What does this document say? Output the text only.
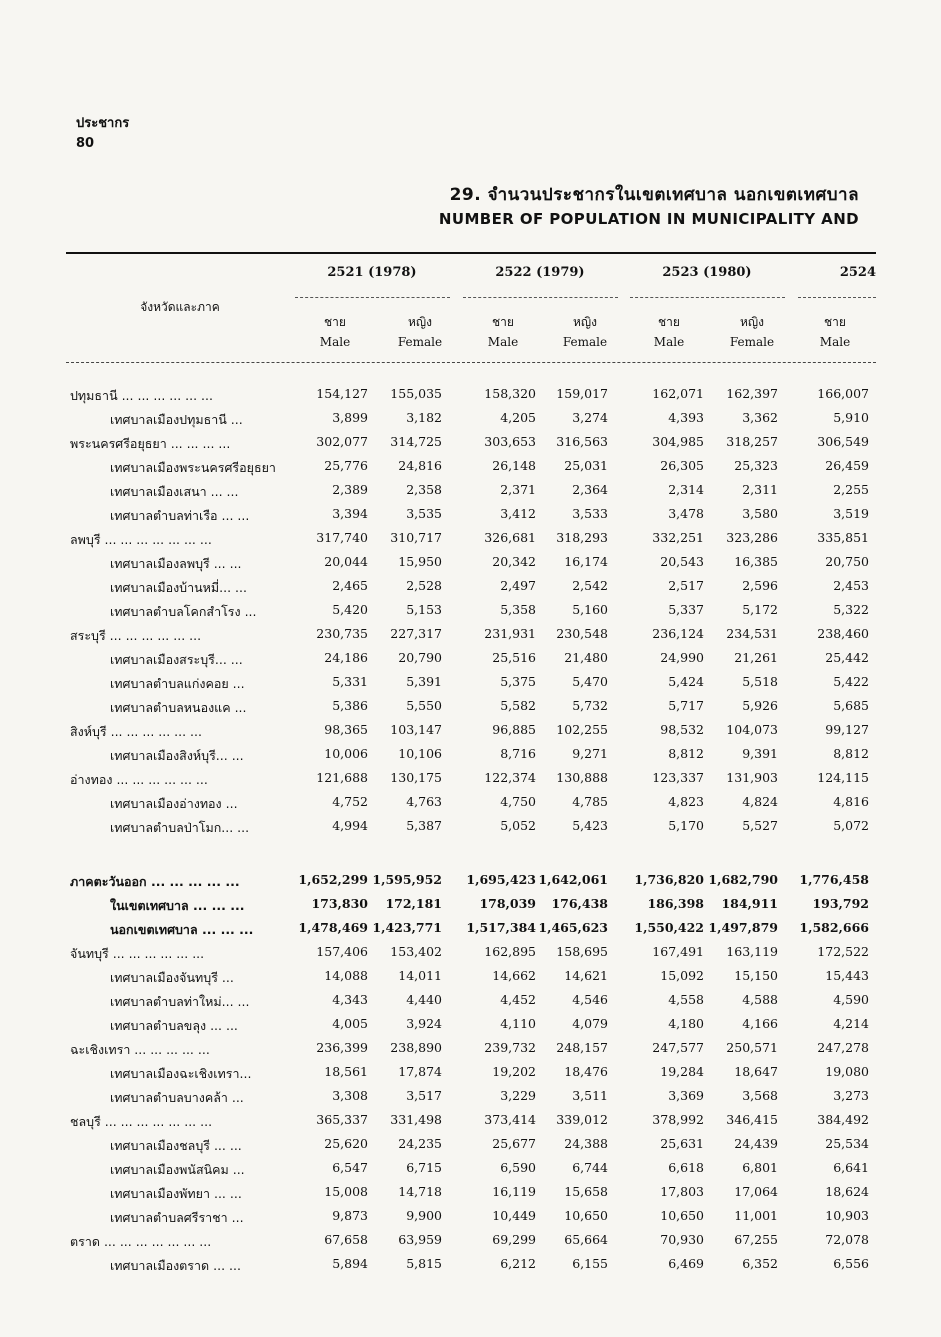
ประชากร
80
29. จำนวนประชากรในเขตเทศบาล นอกเขตเทศบาล
NUMBER OF POPULATION IN MUNICIPALITY AND
จังหวัดและภาค
2521 (1978)	2522 (1979)	2523 (1980)	2524
ชาย
Male
หญิง
Female
ชาย
Male
หญิง
Female
ชาย
Male
หญิง
Female
ชาย
Male
ปทุมธานี ... ... ... ... ... ...	154,127	155,035	158,320	159,017	162,071	162,397	166,007
เทศบาลเมืองปทุมธานี ...	3,899	3,182	4,205	3,274	4,393	3,362	5,910
พระนครศรีอยุธยา ... ... ... ...	302,077	314,725	303,653	316,563	304,985	318,257	306,549
เทศบาลเมืองพระนครศรีอยุธยา	25,776	24,816	26,148	25,031	26,305	25,323	26,459
เทศบาลเมืองเสนา ... ...	2,389	2,358	2,371	2,364	2,314	2,311	2,255
เทศบาลตำบลท่าเรือ ... ...	3,394	3,535	3,412	3,533	3,478	3,580	3,519
ลพบุรี ... ... ... ... ... ... ...	317,740	310,717	326,681	318,293	332,251	323,286	335,851
เทศบาลเมืองลพบุรี ... ...	20,044	15,950	20,342	16,174	20,543	16,385	20,750
เทศบาลเมืองบ้านหมี่... ...	2,465	2,528	2,497	2,542	2,517	2,596	2,453
เทศบาลตำบลโคกสำโรง ...	5,420	5,153	5,358	5,160	5,337	5,172	5,322
สระบุรี ... ... ... ... ... ...	230,735	227,317	231,931	230,548	236,124	234,531	238,460
เทศบาลเมืองสระบุรี... ...	24,186	20,790	25,516	21,480	24,990	21,261	25,442
เทศบาลตำบลแก่งคอย ...	5,331	5,391	5,375	5,470	5,424	5,518	5,422
เทศบาลตำบลหนองแค ...	5,386	5,550	5,582	5,732	5,717	5,926	5,685
สิงห์บุรี ... ... ... ... ... ...	98,365	103,147	96,885	102,255	98,532	104,073	99,127
เทศบาลเมืองสิงห์บุรี... ...	10,006	10,106	8,716	9,271	8,812	9,391	8,812
อ่างทอง ... ... ... ... ... ...	121,688	130,175	122,374	130,888	123,337	131,903	124,115
เทศบาลเมืองอ่างทอง ...	4,752	4,763	4,750	4,785	4,823	4,824	4,816
เทศบาลตำบลป่าโมก... ...	4,994	5,387	5,052	5,423	5,170	5,527	5,072
ภาคตะวันออก ... ... ... ... ...	1,652,299 1,595,952 1,695,423 1,642,061 1,736,820 1,682,790 1,776,458
ในเขตเทศบาล ... ... ...	173,830	172,181	178,039	176,438	186,398	184,911	193,792
นอกเขตเทศบาล ... ... ...	1,478,469 1,423,771 1,517,384 1,465,623 1,550,422 1,497,879 1,582,666
จันทบุรี ... ... ... ... ... ...	157,406	153,402	162,895	158,695	167,491	163,119	172,522
เทศบาลเมืองจันทบุรี ...	14,088	14,011	14,662	14,621	15,092	15,150	15,443
เทศบาลตำบลท่าใหม่... ...	4,343	4,440	4,452	4,546	4,558	4,588	4,590
เทศบาลตำบลขลุง ... ...	4,005	3,924	4,110	4,079	4,180	4,166	4,214
ฉะเชิงเทรา ... ... ... ... ...	236,399	238,890	239,732	248,157	247,577	250,571	247,278
เทศบาลเมืองฉะเชิงเทรา...	18,561	17,874	19,202	18,476	19,284	18,647	19,080
เทศบาลตำบลบางคล้า ...	3,308	3,517	3,229	3,511	3,369	3,568	3,273
ชลบุรี ... ... ... ... ... ... ...	365,337	331,498	373,414	339,012	378,992	346,415	384,492
เทศบาลเมืองชลบุรี ... ...	25,620	24,235	25,677	24,388	25,631	24,439	25,534
เทศบาลเมืองพนัสนิคม ...	6,547	6,715	6,590	6,744	6,618	6,801	6,641
เทศบาลเมืองพัทยา ... ...	15,008	14,718	16,119	15,658	17,803	17,064	18,624
เทศบาลตำบลศรีราชา ...	9,873	9,900	10,449	10,650	10,650	11,001	10,903
ตราด ... ... ... ... ... ... ...	67,658	63,959	69,299	65,664	70,930	67,255	72,078
เทศบาลเมืองตราด ... ...	5,894	5,815	6,212	6,155	6,469	6,352	6,556
